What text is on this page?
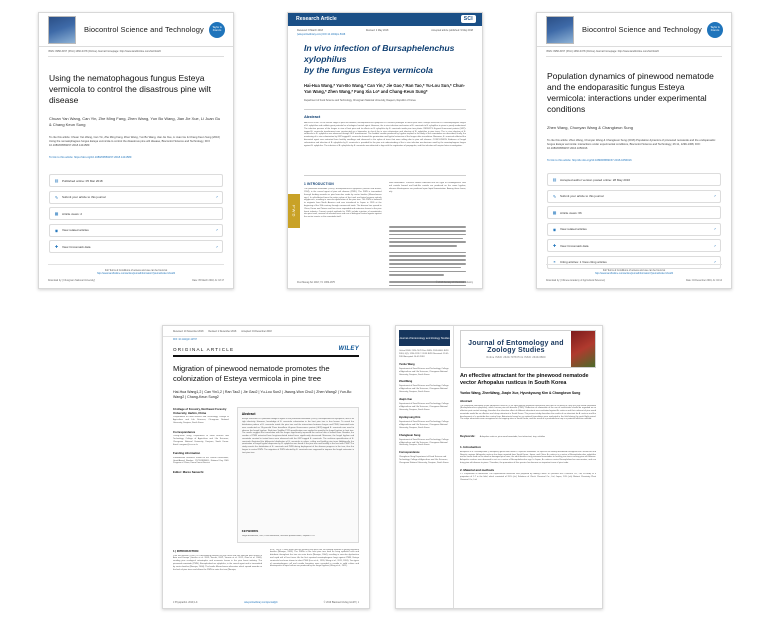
Biocontrol Science and Technology	Taylor & Francis
ISSN: 0958-3157 (Print) 1360-0478 (Online) Journal homepage: http://www.tandfonline.com/loi/cbst20
Using the nematophagous fungus Esteya vermicola to control the disastrous pine wilt disease
Chuan Yan Wang, Can Yin, Zhe Ming Fang, Zhen Wang, Yun Bo Wang, Jian Jie Xue, Li Juan Gu & Chang Keun Sung
To cite this article: Chuan Yan Wang, Can Yin, Zhe Ming Fang, Zhen Wang, Yun Bo Wang, Jian Jie Xue, Li Juan Gu & Chang Keun Sung (2016) Using the nematophagous fungus Esteya vermicola to control the disastrous pine wilt disease, Biocontrol Science and Technology, DOI: 10.1080/09583157.2018.1441589
To link to this article: https://doi.org/10.1080/09583157.2018.1441589
▤ Published online: 05 Mar 2018
✎ Submit your article to this journal	↗
▦ Article views: 2
◉ View related articles	↗
✚ View Crossmark data	↗
Full Terms & Conditions of access and use can be found at
http://www.tandfonline.com/action/journalInformation?journalCode=cbst20
Download by: [Chungnam National University]	Date: 05 March 2018, At: 18:17
Research Article	SCI
Received: 8 March 2018	Revised: 2 May 2018	Accepted article published: 9 May 2018
(wileyonlinelibrary.com) DOI 10.1002/ps.5048
In vivo infection of Bursaphelenchus xylophilus
by the fungus Esteya vermicola
Hai-Hua Wang,* Yun-Bo Wang,* Can Yin,* Jie Gao,* Ran Tao,* Yu-Lou Sun,* Chun-Yan Wang,* Zhen Wang,* Fang Xia Lo* and Chang-Keun Sung*
Department of Food Science and Technology, Chungnam National University, Daejeon, Republic of Korea
Abstract
BACKGROUND: In the sexual stage of pine wilt disease, Bursaphelenchus xylophilus is a serious pathogen of forest pine trees. Esteya vermicola is a nematophagous fungus of B. xylophilus and exhibits great potential as a biological control agent. However, the in vivo infection mechanism of E. vermicola to B. xylophilus in pinus is poorly understood. The infection process of the fungus in vivo of host pine and its effects on B. xylophilus by E. vermicola inside pine tree plants. RESULTS: A great fluorescent protein (GFP)-tagged E. vermicola transformant was constructed as a biomarker to check the in vivo colonization and infection of B. xylophilus in pine trees. The in vivo infection of E. vermicola to B. xylophilus was observed through GFP transformant. The fastidial conidia produced by hyphae implied in the body of the nematodes are described; finally, the monitoring of in vivo colonization by GFP-tagged E. vermicola showed the germination and hyphal extension of the fungus after inoculation. Moreover, E. vermicola affected the biocontrol agent was extracted from healthy seedlings and observed in the xylem of trees that were wilting due to pine wilt disease. CONCLUSION: Evidence of fungal colonization and infection of B. xylophilus by E. vermicola is provided for the pine nut understanding of the in vivo infection mechanisms used by the nematophagous fungus against B. xylophilus. The infection of B. xylophilus by E. vermicola was detected in logs with the registration of propagules, and this infection will require future investigation.
1 INTRODUCTION
The pinewood nematode (PWN), Bursaphelenchus xylophilus (Steiner and Buhrer, 1934), is the causal agent of pine wilt disease (PWD). The PWN is transmitted through feeding wounds on pine branches made by vector beetles (Monochamus spp.). In wilt-affected trees the entire xylem of the trunk and twigs become entirely oxygen-rich, resulting in vascular dysfunction of the pine tree. The PWN is believed to originate from North America and was introduced to Japan in 1905 at the beginning of the 20th century through commercial trade. The disease has spread to China, Korea and Taiwan and has since expanded and extensive losses to the pine forest industry. Current control methods for PWD include injection of nematicides into pine trees, removal of infected trees and use of biological control agents against the vector insects or the nematode itself.
killed nematodes. Previous studies indicated that the hypo of conidiogenous cells and conidia formed and bud-like conidia are produced on the same hyphae, whereas blastospores are produced upon liquid fermentation. Among these forms, only
PWD
Pest Manag Sci 2018; 74: 1869-1875	© 2018 Society of Chemical Industry
Biocontrol Science and Technology	Taylor & Francis
ISSN: 0958-3157 (Print) 1360-0478 (Online) Journal homepage: http://www.tandfonline.com/loi/cbst20
Population dynamics of pinewood nematode and the endoparasitic fungus Esteya vermicola: interactions under experimental conditions
Zhen Wang, Chunyan Wang & Changkeun Sung
To cite this article: Zhen Wang, Chunyan Wang & Changkeun Sung (2016) Population dynamics of pinewood nematode and the endoparasitic fungus Esteya vermicola: interactions under experimental conditions, Biocontrol Science and Technology, 26:11, 1299-1308, DOI: 10.1080/09583157.2016.1056016
To link to this article: http://dx.doi.org/10.1080/09583157.2016.1056016
▤ Accepted author version posted online: 28 May 2016
✎ Submit your article to this journal	↗
▦ Article views: 66
◉ View related articles	↗
✚ View Crossmark data	↗
❝	Citing articles: 1 View citing articles	↗
Full Terms & Conditions of access and use can be found at
http://www.tandfonline.com/action/journalInformation?journalCode=cbst20
Download by: [Chinese Academy of Agricultural Sciences]	Date: 04 December 2016, At: 04:14
Received: 10 November 2018 Revised: 2 December 2018 Accepted: 19 December 2018
DOI: 10.1111/jph.12797
ORIGINAL ARTICLE	WILEY
Migration of pinewood nematode promotes the colonization of Esteya vermicola in pine tree
Hai-Hua Wang1,2 | Can Yin1,2 | Ran Tao2 | Jie Gao2 | Yu-Lou Sun2 | Jiwung-Won Cho2 | Zhen Wang2 | Yun-Bo Wang2 | Chang-Keun Sung2
1College of Forestry, Northeast Forestry University, Harbin, China
2Department of Food Science and Technology, College of Agriculture and Life Sciences, Chungnam National University, Daejeon, South Korea
Correspondence
Chang-Keun Sung, Department of Food Science and Technology, College of Agriculture and Life Sciences, Chungnam National University, Daejeon, South Korea. Email: sungnmr@cnu.ac.kr
Funding information
Fundamental Research Funds for the Central Universities, Grant/Award Number: 2572018BW05; National Key R&D Program of China; Korea Forest Service
Editor: Marco Saracchi
Abstract
Esteya vermicola is a potential biological agent of the pinewood nematode (PWN), Bursaphelenchus xylophilus, due to its high infectivity. However, knowledge of E. vermicola colonization in the host pine tree is less known. To reveal the distribution pattern of E. vermicola inside the pine tree and the interactions between fungus and PWN, laminated tests were conducted on 10-year-old Pinus densiflora. A green fluorescence protein (GFP)-tagged E. vermicola was used to observe the fungal hyphae. Real-time TaqMan PCR quantification was applied to quantify the fungal hyphae in host tree. The results suggest that inoculation with the fungus significantly improved the survival rate of tested trees. Besides, the number of PWN extracted from fungi-inoculated tested trees significantly decreased. Moreover, the fungal hyphae and nematode counted in tested trees were observed with the GFP-tagged E. vermicola. The real-time quantification of E. vermicola illustrated the differential distribution of E. vermicola in xylem, calling and healthy pine trees. Additionally, the penetration of fungal hyphal dispersion by B. xylophilus was found in the pine tree and healthy in the host with PWN. The study reveals the distribution of E. vermicola and PWN during deployment of the disease progress in the tree; thus the fungus to control PWN. The migration of PWN infected by E. vermicola was supposed to improve the fungal extension in host pine tree.
KEYWORDS
fungal distribution, GFP, Pinus densiflora, real-time quantification, TaqMan PCR
1 | INTRODUCTION
Pine wilt disease (PWD) is a devastating disease for pine trees and has affected pine forests in Asia and Europe (Lieutier et al. 2003; Suzuki, 2002; Vicente et al. 2012; Zhao et al. 2008), sending pine ecological catastrophic and economic losses in the pine forest industry. The pinewood nematode (PWN), Bursaphelenchus xylophilus, is the causal agent and is transmitted by vector beetles (Mamiya, 2004). The beetle Monochamus alternatus which spread wounds on the bark of pine trees and allows the PWN to enter the tree (Mamiya,
et al., 2013). PWNs enter into the healthy host pine tree via feeding wounds of young immature beetles (Mamiya, 1983). The PWNs in the host pine tree feed on living epithelial cells and distribute throughout the tree via resin ducts (Mamiya, 2004), resulting in vascular dysfunction and rapid wilt of host trees. As the first reported nematophagous fungi against PWN, Esteya vermicola has been shown to infect PWN (Liou et al., 1999; Wang et al., 2011, 2018). Two types of nematophagous cell and conidia formation were recorded in conidia in solid culture and blastospores in liquid culture are produced by the fungal hyphae (Wang et al., 2011).
J Phytopathol. 2019;1-9.	wileyonlinelibrary.com/journal/jph	© 2019 Blackwell Verlag GmbH | 1
Journal of Entomology and Zoology Studies
Online ISSN: 2320-7078 Print ISSN: 2349-6800 JEZS 2018; 6(2): 1234-1239 © 2018 JEZS Received: 12-01-2018 Accepted: 14-02-2018
Yunbo Wang
Department of Food Science and Technology, College of Agriculture and Life Sciences, Chungnam National University, Daejeon, South Korea
ZhenWang
Department of Food Science and Technology, College of Agriculture and Life Sciences, Chungnam National University, Daejeon, South Korea
Jiaqin Xue
Department of Food Science and Technology, College of Agriculture and Life Sciences, Chungnam National University, Daejeon, South Korea
Hyunkyoung Kim
Department of Food Science and Technology, College of Agriculture and Life Sciences, Chungnam National University, Daejeon, South Korea
Changkeun Sung
Department of Food Science and Technology, College of Agriculture and Life Sciences, Chungnam National University, Daejeon, South Korea
Correspondence
Changkeun Sung Department of Food Science and Technology, College of Agriculture and Life Sciences, Chungnam National University, Daejeon, South Korea
Journal of Entomology and Zoology Studies
Online ISSN: 2320-7078 Print ISSN: 2349-6800
An effective attractant for the pinewood nematode vector Arhopalus rusticus in South Korea
Yunbo Wang, ZhenWang, Jiaqin Xue, Hyunkyoung Kim & Changkeun Sung
Abstract
The pinewood nematode vector, Arhopalus rusticus, is an agriculturally important quarantine pest due to its ability to carry the pine wood nematode (Bursaphelenchus xylophilus), which causes pine wilt disease (PWD). Reduction or elimination of the use of insecticides should be regarded as an effective pest-control strategy, therefore the attraction effect of different attractants was evaluated against A. rusticus and their relevant of pine wood nematode would be an effective and cheap attractant in South Korea. The present study describes the results of an attractant for A. rusticus and the development of a pesticide-free control trap. Attractants based on an optimal formulation were evaluated in the field during the peak flight period. The major attractants were recognized at six trapping sites in South Korea, and the result of a pesticide-free trap is a potential effective method.
Keywords: Arhopalus rusticus, pine wood nematode, host attractant, trap, volatiles
1. Introduction
Arhopalus is a Cerambycidae (Coleoptera) genus with about 15 species worldwide. Its species are widely distributed throughout the Palaearctic and Nearctic regions. Arhopalus rusticus has been reported from South Korea, Japan, and China. A. rusticus is a vector of Bursaphelenchus xylophilus and its larvae feed on the dead or damaged pine trees; the adult beetles carry pinewood nematodes to healthy pine trees causing pine wilt disease. Arhopalus rusticus was observed to act as a vector of Bursaphelenchus spp. In Japan, A. rusticus carries Bursaphelenchus mucronatus, and can bring pine wilt disease to pines. Therefore, the quarantine of this species has become an important issue of pine trade.
2. Material and methods
2.1 Preparation of attractants The experimental attractant was prepared by adding Ponon 10 (Ineolina Eco Chemical Co., Ltd, KOREA) at a proportion of 1:7 in the field, which consisted of 20% (v/v) Solutions of Clinch Chemical Co., Ltd, Japan, 10% (v/v) Mistant Chemistry Plant Chemical Co., Ltd.
